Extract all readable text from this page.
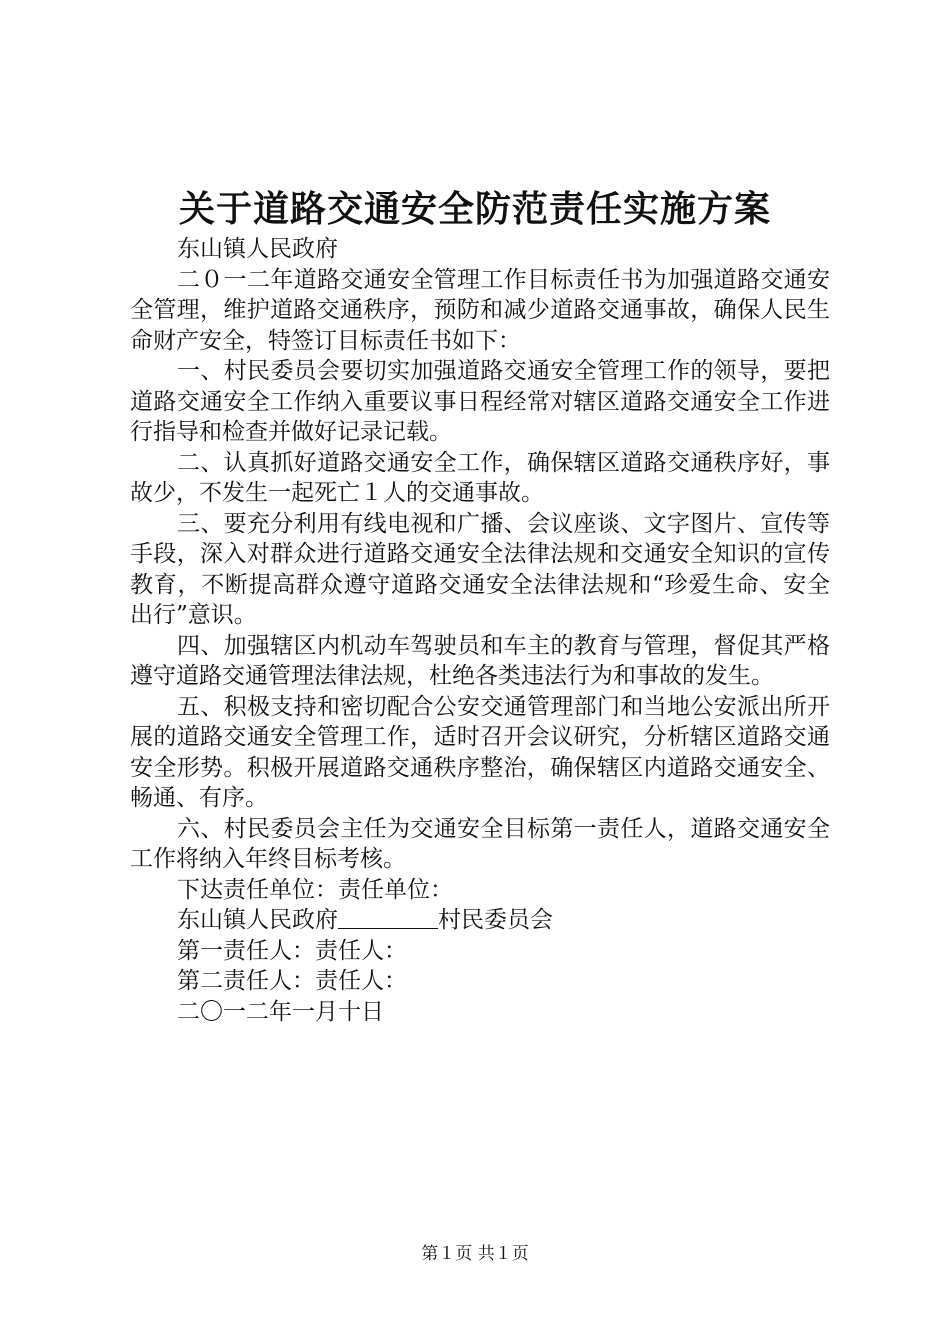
关于道路交通安全防范责任实施方案

东山镇人民政府

二０一二年道路交通安全管理工作目标责任书为加强道路交通安全管理，维护道路交通秩序，预防和减少道路交通事故，确保人民生命财产安全，特签订目标责任书如下：

一、村民委员会要切实加强道路交通安全管理工作的领导，要把道路交通安全工作纳入重要议事日程经常对辖区道路交通安全工作进行指导和检查并做好记录记载。

二、认真抓好道路交通安全工作，确保辖区道路交通秩序好，事故少，不发生一起死亡１人的交通事故。

三、要充分利用有线电视和广播、会议座谈、文字图片、宣传等手段，深入对群众进行道路交通安全法律法规和交通安全知识的宣传教育，不断提高群众遵守道路交通安全法律法规和“珍爱生命、安全出行”意识。

四、加强辖区内机动车驾驶员和车主的教育与管理，督促其严格遵守道路交通管理法律法规，杜绝各类违法行为和事故的发生。

五、积极支持和密切配合公安交通管理部门和当地公安派出所开展的道路交通安全管理工作，适时召开会议研究，分析辖区道路交通安全形势。积极开展道路交通秩序整治，确保辖区内道路交通安全、畅通、有序。

六、村民委员会主任为交通安全目标第一责任人，道路交通安全工作将纳入年终目标考核。

下达责任单位：责任单位：

东山镇人民政府	村民委员会

第一责任人：责任人：

第二责任人：责任人：

二〇一二年一月十日

第１页 共１页
